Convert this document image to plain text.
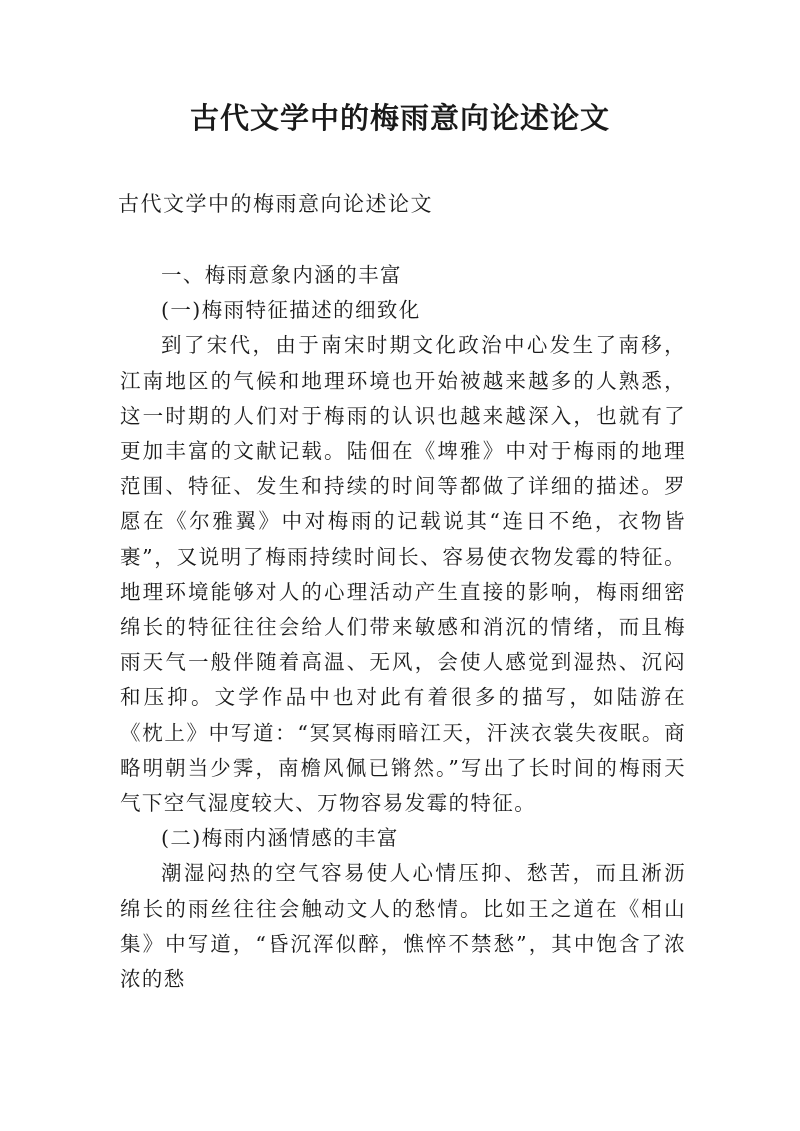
古代文学中的梅雨意向论述论文
古代文学中的梅雨意向论述论文

一、梅雨意象内涵的丰富

(一)梅雨特征描述的细致化

到了宋代，由于南宋时期文化政治中心发生了南移，江南地区的气候和地理环境也开始被越来越多的人熟悉，这一时期的人们对于梅雨的认识也越来越深入，也就有了更加丰富的文献记载。陆佃在《埤雅》中对于梅雨的地理范围、特征、发生和持续的时间等都做了详细的描述。罗愿在《尔雅翼》中对梅雨的记载说其“连日不绝，衣物皆裹”，又说明了梅雨持续时间长、容易使衣物发霉的特征。地理环境能够对人的心理活动产生直接的影响，梅雨细密绵长的特征往往会给人们带来敏感和消沉的情绪，而且梅雨天气一般伴随着高温、无风，会使人感觉到湿热、沉闷和压抑。文学作品中也对此有着很多的描写，如陆游在《枕上》中写道：“冥冥梅雨暗江天，汗浃衣裳失夜眠。商略明朝当少霁，南檐风佩已锵然。”写出了长时间的梅雨天气下空气湿度较大、万物容易发霉的特征。

(二)梅雨内涵情感的丰富

潮湿闷热的空气容易使人心情压抑、愁苦，而且淅沥绵长的雨丝往往会触动文人的愁情。比如王之道在《相山集》中写道，“昏沉浑似醉，憔悴不禁愁”，其中饱含了浓浓的愁
